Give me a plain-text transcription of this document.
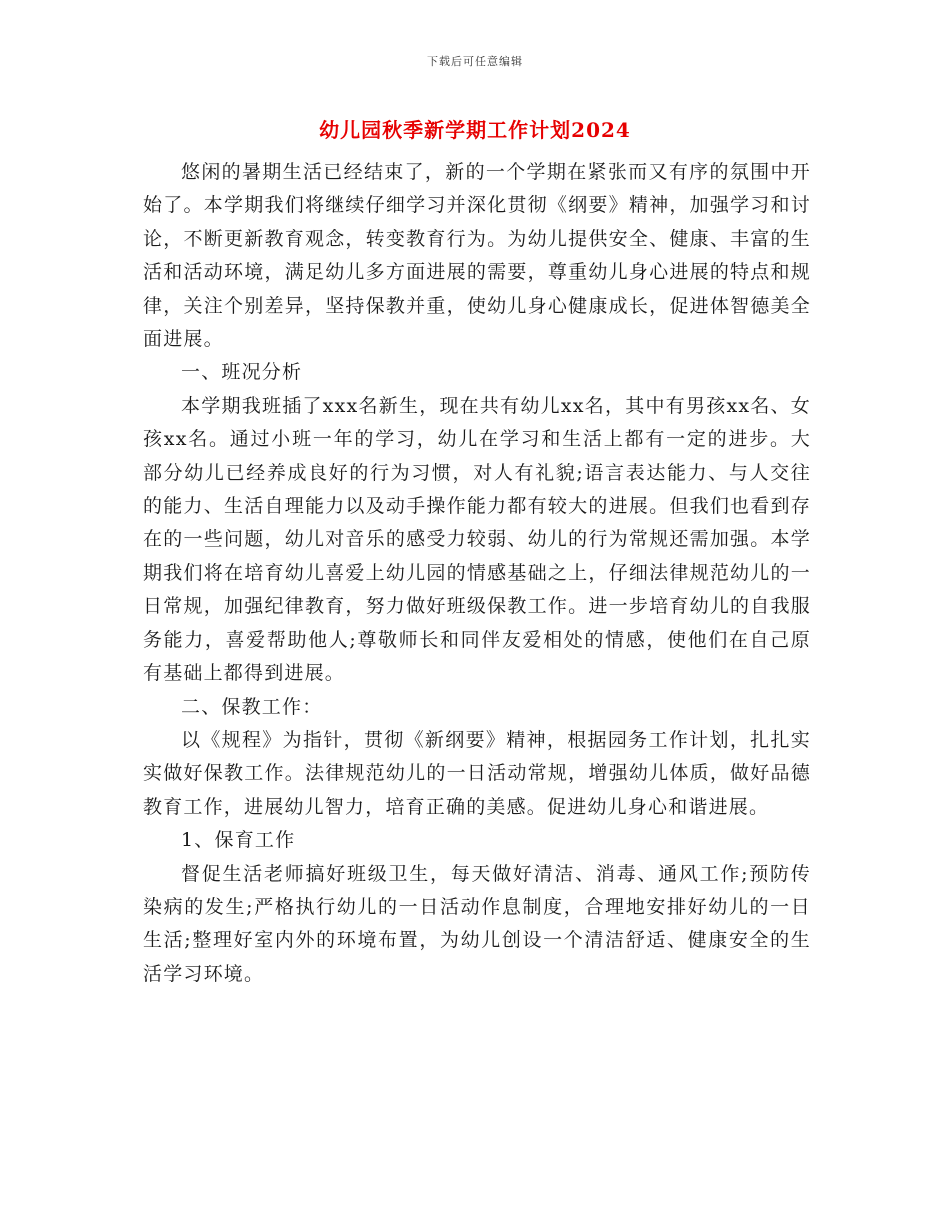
下载后可任意编辑
幼儿园秋季新学期工作计划2024

悠闲的暑期生活已经结束了，新的一个学期在紧张而又有序的氛围中开始了。本学期我们将继续仔细学习并深化贯彻《纲要》精神，加强学习和讨论，不断更新教育观念，转变教育行为。为幼儿提供安全、健康、丰富的生活和活动环境，满足幼儿多方面进展的需要，尊重幼儿身心进展的特点和规律，关注个别差异，坚持保教并重，使幼儿身心健康成长，促进体智德美全面进展。

一、班况分析

本学期我班插了xxx名新生，现在共有幼儿xx名，其中有男孩xx名、女孩xx名。通过小班一年的学习，幼儿在学习和生活上都有一定的进步。大部分幼儿已经养成良好的行为习惯，对人有礼貌;语言表达能力、与人交往的能力、生活自理能力以及动手操作能力都有较大的进展。但我们也看到存在的一些问题，幼儿对音乐的感受力较弱、幼儿的行为常规还需加强。本学期我们将在培育幼儿喜爱上幼儿园的情感基础之上，仔细法律规范幼儿的一日常规，加强纪律教育，努力做好班级保教工作。进一步培育幼儿的自我服务能力，喜爱帮助他人;尊敬师长和同伴友爱相处的情感，使他们在自己原有基础上都得到进展。

二、保教工作：

以《规程》为指针，贯彻《新纲要》精神，根据园务工作计划，扎扎实实做好保教工作。法律规范幼儿的一日活动常规，增强幼儿体质，做好品德教育工作，进展幼儿智力，培育正确的美感。促进幼儿身心和谐进展。

1、保育工作

督促生活老师搞好班级卫生，每天做好清洁、消毒、通风工作;预防传染病的发生;严格执行幼儿的一日活动作息制度，合理地安排好幼儿的一日生活;整理好室内外的环境布置，为幼儿创设一个清洁舒适、健康安全的生活学习环境。
